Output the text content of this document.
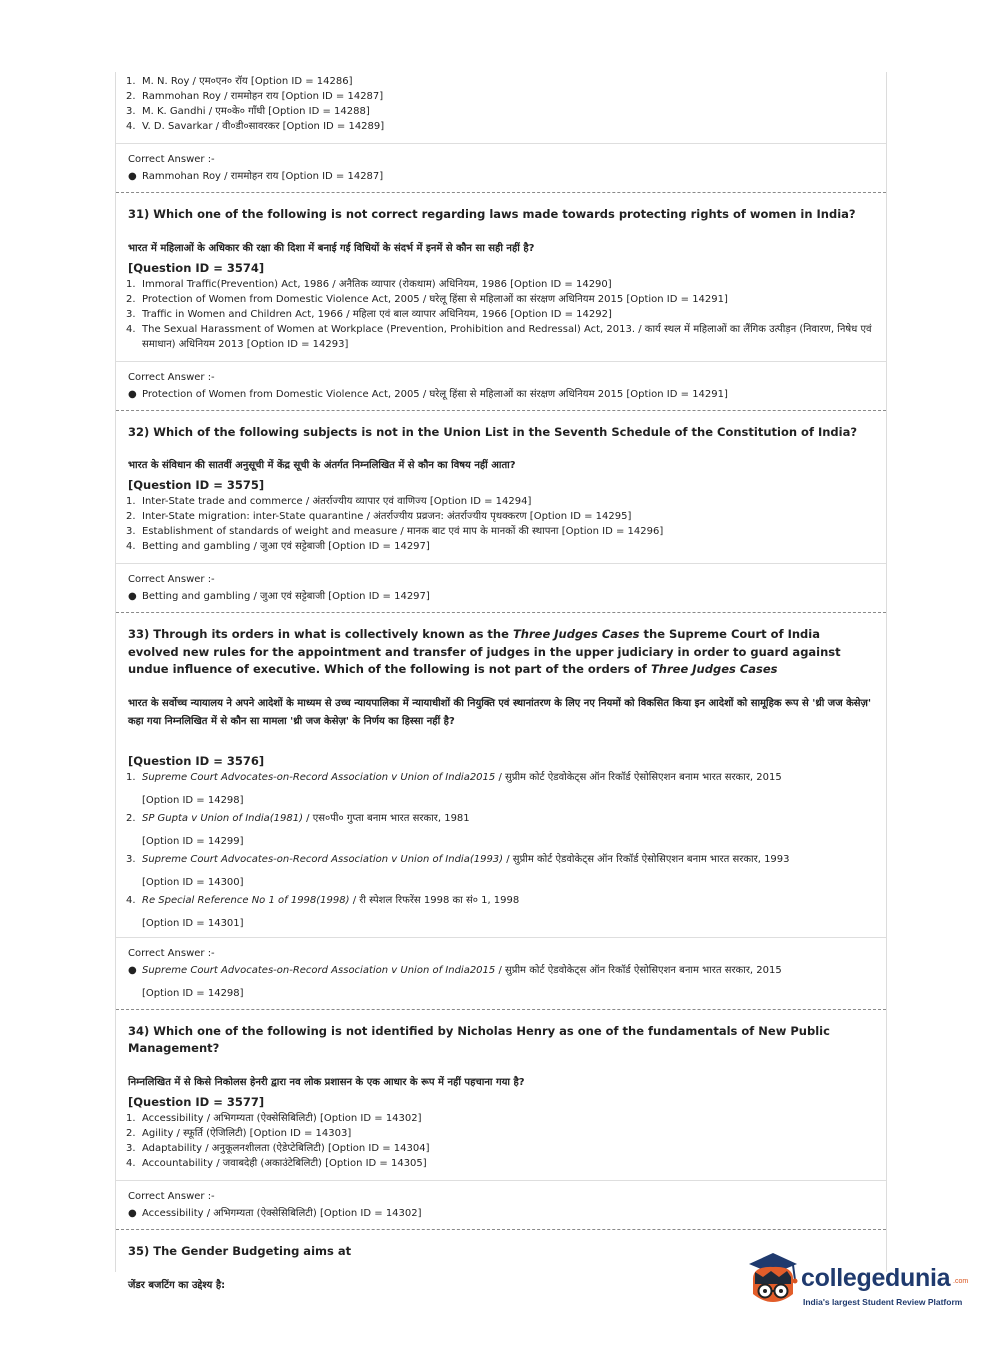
1. M. N. Roy / एम०एन० रॉय [Option ID = 14286]
2. Rammohan Roy / राममोहन राय [Option ID = 14287]
3. M. K. Gandhi / एम०के० गाँधी [Option ID = 14288]
4. V. D. Savarkar / वी०डी०सावरकर [Option ID = 14289]
Correct Answer :-
● Rammohan Roy / राममोहन राय [Option ID = 14287]
31) Which one of the following is not correct regarding laws made towards protecting rights of women in India?
भारत में महिलाओं के अधिकार की रक्षा की दिशा में बनाई गई विधियों के संदर्भ में इनमें से कौन सा सही नहीं है?
[Question ID = 3574]
1. Immoral Traffic(Prevention) Act, 1986 / अनैतिक व्यापार (रोकथाम) अधिनियम, 1986 [Option ID = 14290]
2. Protection of Women from Domestic Violence Act, 2005 / घरेलू हिंसा से महिलाओं का संरक्षण अधिनियम 2015 [Option ID = 14291]
3. Traffic in Women and Children Act, 1966 / महिला एवं बाल व्यापार अधिनियम, 1966 [Option ID = 14292]
4. The Sexual Harassment of Women at Workplace (Prevention, Prohibition and Redressal) Act, 2013. / कार्य स्थल में महिलाओं का लैंगिक उत्पीड़न (निवारण, निषेध एवं समाधान) अधिनियम 2013 [Option ID = 14293]
Correct Answer :-
● Protection of Women from Domestic Violence Act, 2005 / घरेलू हिंसा से महिलाओं का संरक्षण अधिनियम 2015 [Option ID = 14291]
32) Which of the following subjects is not in the Union List in the Seventh Schedule of the Constitution of India?
भारत के संविधान की सातवीं अनुसूची में केंद्र सूची के अंतर्गत निम्नलिखित में से कौन का विषय नहीं आता?
[Question ID = 3575]
1. Inter-State trade and commerce / अंतर्राज्यीय व्यापार एवं वाणिज्य [Option ID = 14294]
2. Inter-State migration: inter-State quarantine / अंतर्राज्यीय प्रव्रजन: अंतर्राज्यीय पृथक्करण [Option ID = 14295]
3. Establishment of standards of weight and measure / मानक बाट एवं माप के मानकों की स्थापना [Option ID = 14296]
4. Betting and gambling / जुआ एवं सट्टेबाजी [Option ID = 14297]
Correct Answer :-
● Betting and gambling / जुआ एवं सट्टेबाजी [Option ID = 14297]
33) Through its orders in what is collectively known as the Three Judges Cases the Supreme Court of India evolved new rules for the appointment and transfer of judges in the upper judiciary in order to guard against undue influence of executive. Which of the following is not part of the orders of Three Judges Cases
भारत के सर्वोच्च न्यायालय ने अपने आदेशों के माध्यम से उच्च न्यायपालिका में न्यायाधीशों की नियुक्ति एवं स्थानांतरण के लिए नए नियमों को विकसित किया इन आदेशों को सामूहिक रूप से 'थ्री जज केसेज़' कहा गया निम्नलिखित में से कौन सा मामला 'थ्री जज केसेज़' के निर्णय का हिस्सा नहीं है?
[Question ID = 3576]
1. Supreme Court Advocates-on-Record Association v Union of India2015 / सुप्रीम कोर्ट ऐडवोकेट्स ऑन रिकॉर्ड ऐसोसिएशन बनाम भारत सरकार, 2015
[Option ID = 14298]
2. SP Gupta v Union of India(1981) / एस०पी० गुप्ता बनाम भारत सरकार, 1981
[Option ID = 14299]
3. Supreme Court Advocates-on-Record Association v Union of India(1993) / सुप्रीम कोर्ट ऐडवोकेट्स ऑन रिकॉर्ड ऐसोसिएशन बनाम भारत सरकार, 1993
[Option ID = 14300]
4. Re Special Reference No 1 of 1998(1998) / री स्पेशल रिफरेंस 1998 का सं० 1, 1998
[Option ID = 14301]
Correct Answer :-
● Supreme Court Advocates-on-Record Association v Union of India2015 / सुप्रीम कोर्ट ऐडवोकेट्स ऑन रिकॉर्ड ऐसोसिएशन बनाम भारत सरकार, 2015
[Option ID = 14298]
34) Which one of the following is not identified by Nicholas Henry as one of the fundamentals of New Public Management?
निम्नलिखित में से किसे निकोलस हेनरी द्वारा नव लोक प्रशासन के एक आधार के रूप में नहीं पहचाना गया है?
[Question ID = 3577]
1. Accessibility / अभिगम्यता (ऐक्सेसिबिलिटी) [Option ID = 14302]
2. Agility / स्फूर्ति (ऐजिलिटी) [Option ID = 14303]
3. Adaptability / अनुकूलनशीलता (ऐडेप्टेबिलिटी) [Option ID = 14304]
4. Accountability / जवाबदेही (अकाउंटेबिलिटी) [Option ID = 14305]
Correct Answer :-
● Accessibility / अभिगम्यता (ऐक्सेसिबिलिटी) [Option ID = 14302]
35) The Gender Budgeting aims at
जेंडर बजटिंग का उद्देश्य है:	collegedunia .com
India's largest Student Review Platform
